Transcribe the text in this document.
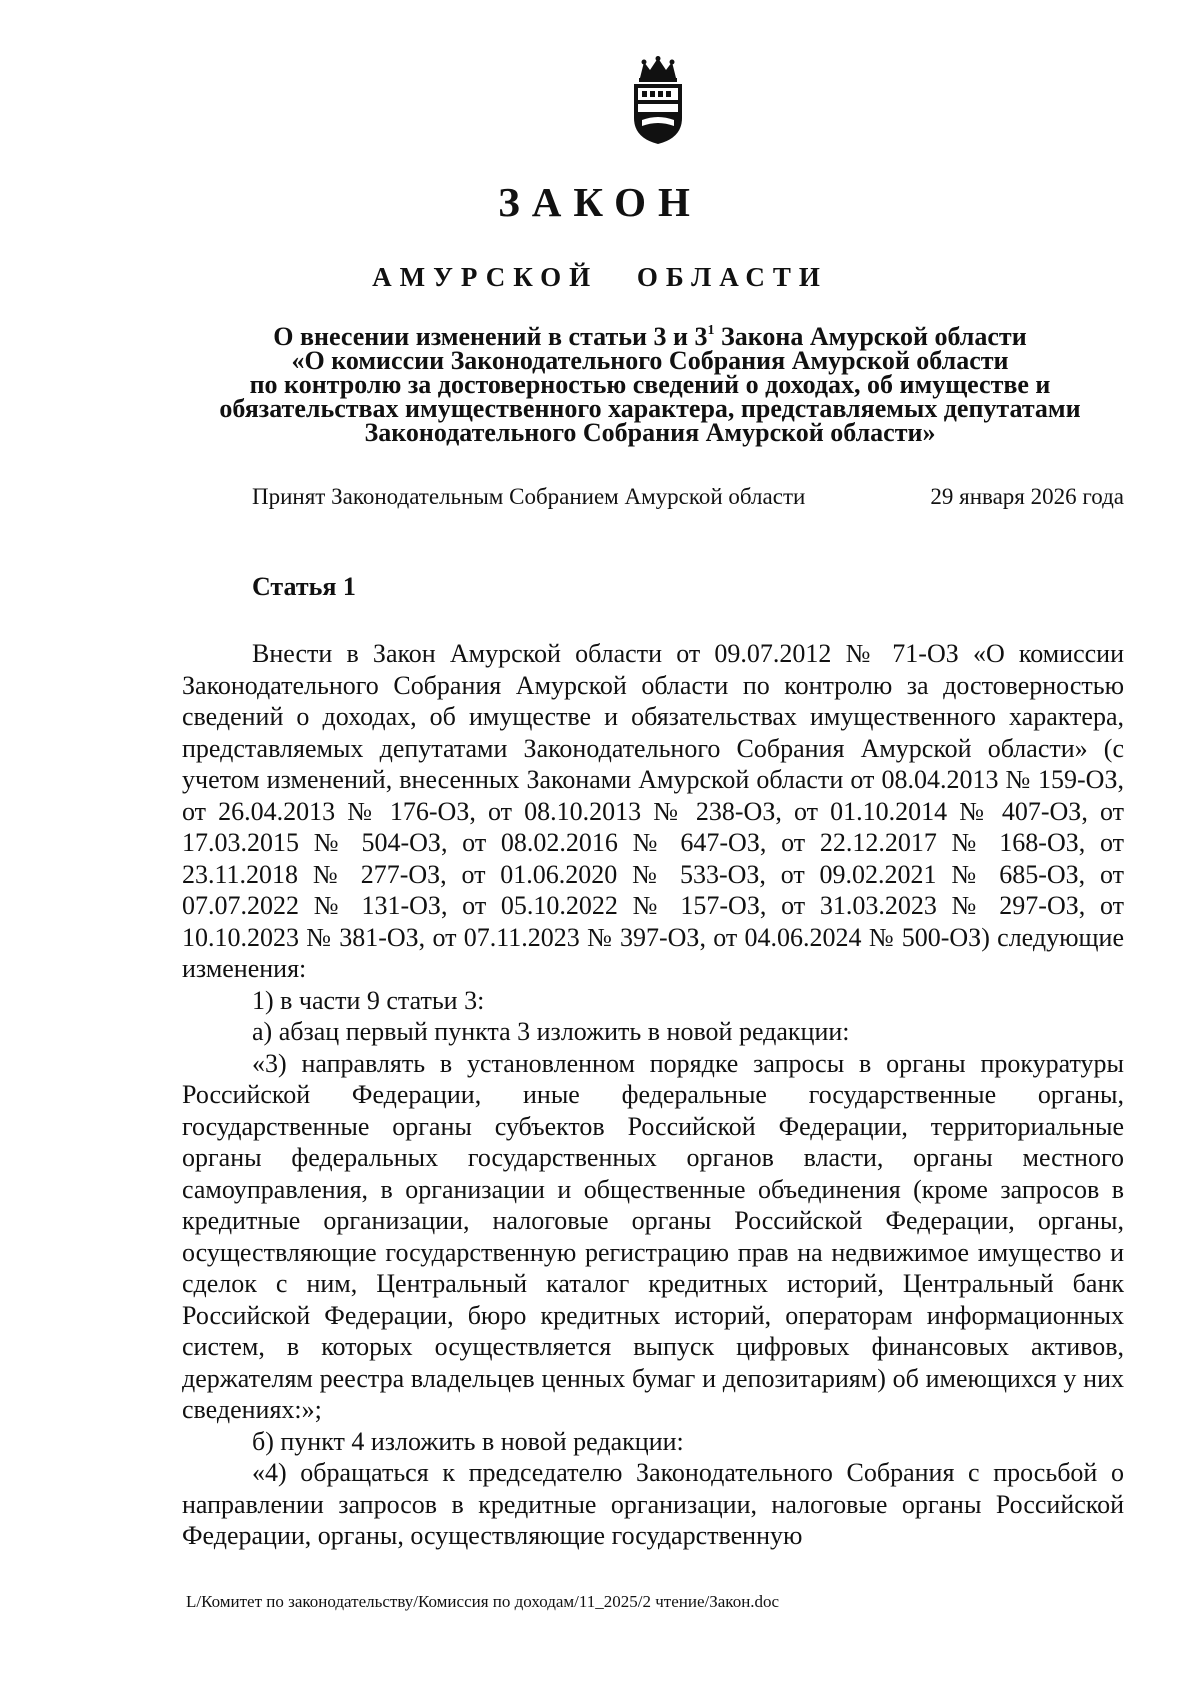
ЗАКОН
АМУРСКОЙ ОБЛАСТИ
О внесении изменений в статьи 3 и $3^1$ Закона Амурской области
«О комиссии Законодательного Собрания Амурской области
по контролю за достоверностью сведений о доходах, об имуществе и
обязательствах имущественного характера, представляемых депутатами
Законодательного Собрания Амурской области»
Принят Законодательным Собранием Амурской области	29 января 2026 года
Статья 1

Внести в Закон Амурской области от 09.07.2012 № 71-ОЗ «О комиссии Законодательного Собрания Амурской области по контролю за достоверностью сведений о доходах, об имуществе и обязательствах имущественного характера, представляемых депутатами Законодательного Собрания Амурской области» (с учетом изменений, внесенных Законами Амурской области от 08.04.2013 № 159-ОЗ, от 26.04.2013 № 176-ОЗ, от 08.10.2013 № 238-ОЗ, от 01.10.2014 № 407-ОЗ, от 17.03.2015 № 504-ОЗ, от 08.02.2016 № 647-ОЗ, от 22.12.2017 № 168-ОЗ, от 23.11.2018 № 277-ОЗ, от 01.06.2020 № 533-ОЗ, от 09.02.2021 № 685-ОЗ, от 07.07.2022 № 131-ОЗ, от 05.10.2022 № 157-ОЗ, от 31.03.2023 № 297-ОЗ, от 10.10.2023 № 381-ОЗ, от 07.11.2023 № 397-ОЗ, от 04.06.2024 № 500-ОЗ) следующие изменения:

1) в части 9 статьи 3:

а) абзац первый пункта 3 изложить в новой редакции:

«3) направлять в установленном порядке запросы в органы прокуратуры Российской Федерации, иные федеральные государственные органы, государственные органы субъектов Российской Федерации, территориальные органы федеральных государственных органов власти, органы местного самоуправления, в организации и общественные объединения (кроме запросов в кредитные организации, налоговые органы Российской Федерации, органы, осуществляющие государственную регистрацию прав на недвижимое имущество и сделок с ним, Центральный каталог кредитных историй, Центральный банк Российской Федерации, бюро кредитных историй, операторам информационных систем, в которых осуществляется выпуск цифровых финансовых активов, держателям реестра владельцев ценных бумаг и депозитариям) об имеющихся у них сведениях:»;

б) пункт 4 изложить в новой редакции:

«4) обращаться к председателю Законодательного Собрания с просьбой о направлении запросов в кредитные организации, налоговые органы Российской Федерации, органы, осуществляющие государственную

L/Комитет по законодательству/Комиссия по доходам/11_2025/2 чтение/Закон.doc
